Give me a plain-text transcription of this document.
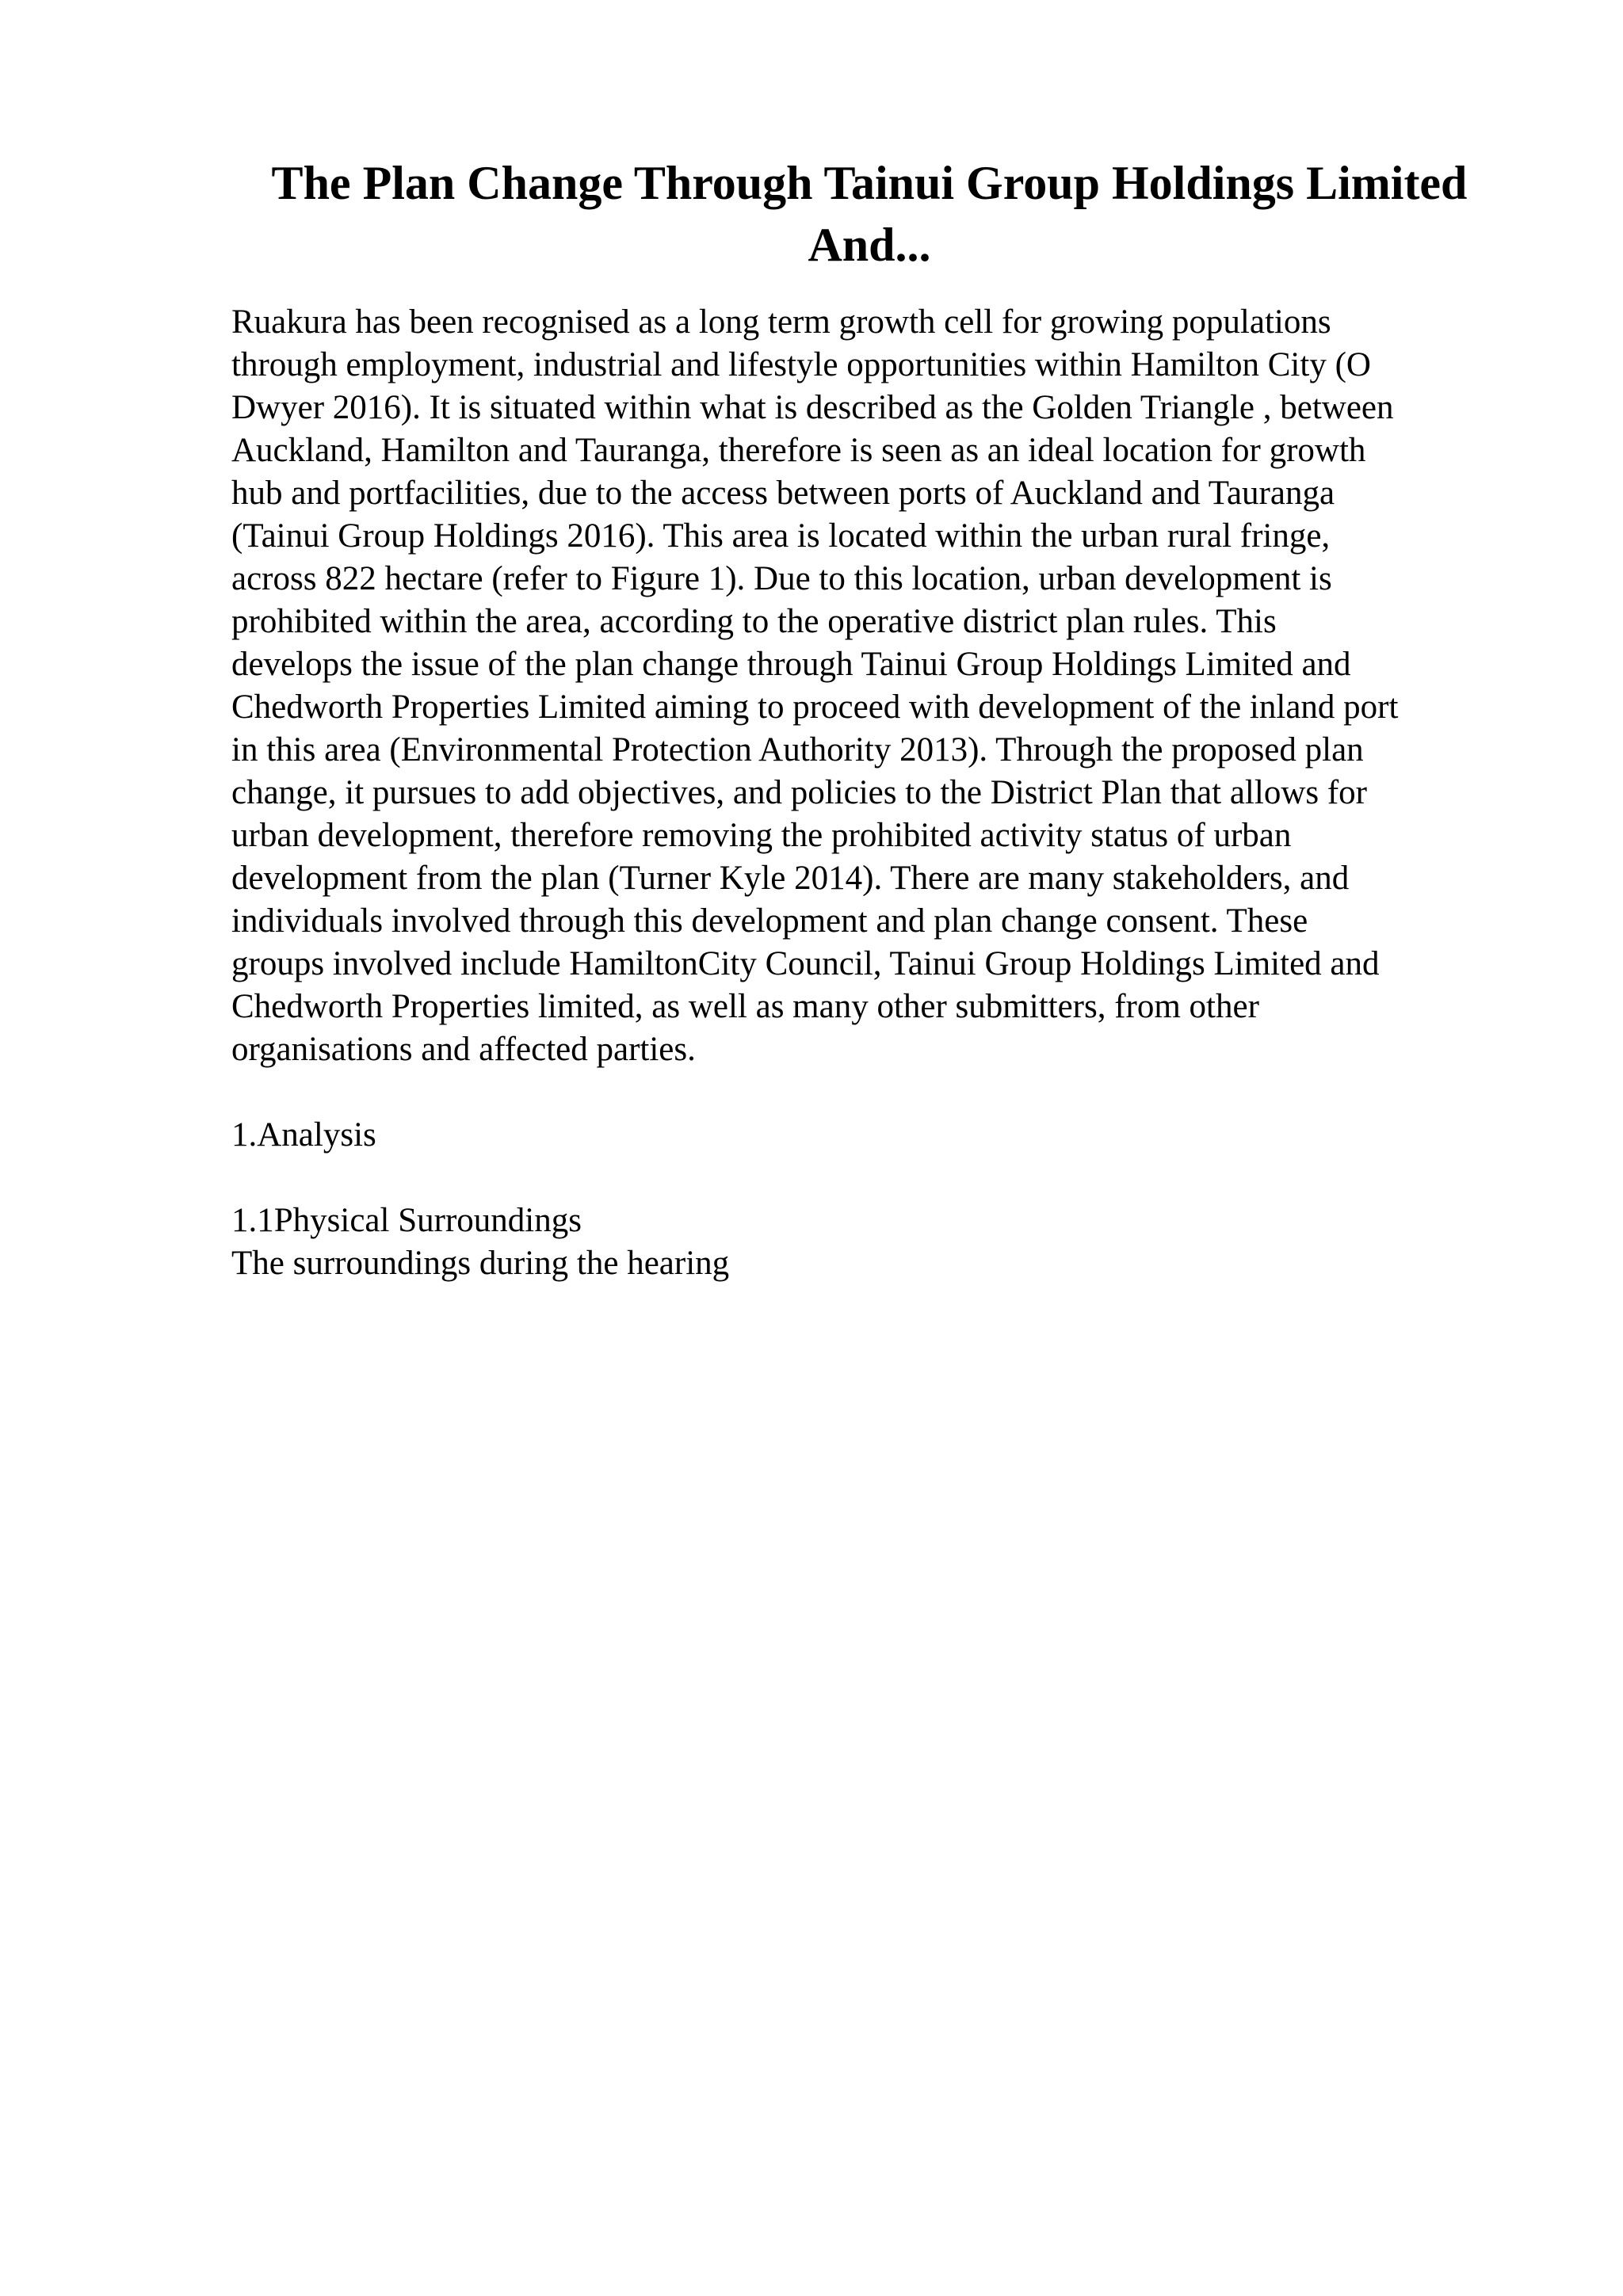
The Plan Change Through Tainui Group Holdings Limited
And...

Ruakura has been recognised as a long term growth cell for growing populations

through employment, industrial and lifestyle opportunities within Hamilton City (O

Dwyer 2016). It is situated within what is described as the Golden Triangle , between

Auckland, Hamilton and Tauranga, therefore is seen as an ideal location for growth

hub and portfacilities, due to the access between ports of Auckland and Tauranga

(Tainui Group Holdings 2016). This area is located within the urban rural fringe,

across 822 hectare (refer to Figure 1). Due to this location, urban development is

prohibited within the area, according to the operative district plan rules. This

develops the issue of the plan change through Tainui Group Holdings Limited and

Chedworth Properties Limited aiming to proceed with development of the inland port

in this area (Environmental Protection Authority 2013). Through the proposed plan

change, it pursues to add objectives, and policies to the District Plan that allows for

urban development, therefore removing the prohibited activity status of urban

development from the plan (Turner Kyle 2014). There are many stakeholders, and

individuals involved through this development and plan change consent. These

groups involved include HamiltonCity Council, Tainui Group Holdings Limited and

Chedworth Properties limited, as well as many other submitters, from other

organisations and affected parties.

1.Analysis

1.1Physical Surroundings

The surroundings during the hearing
